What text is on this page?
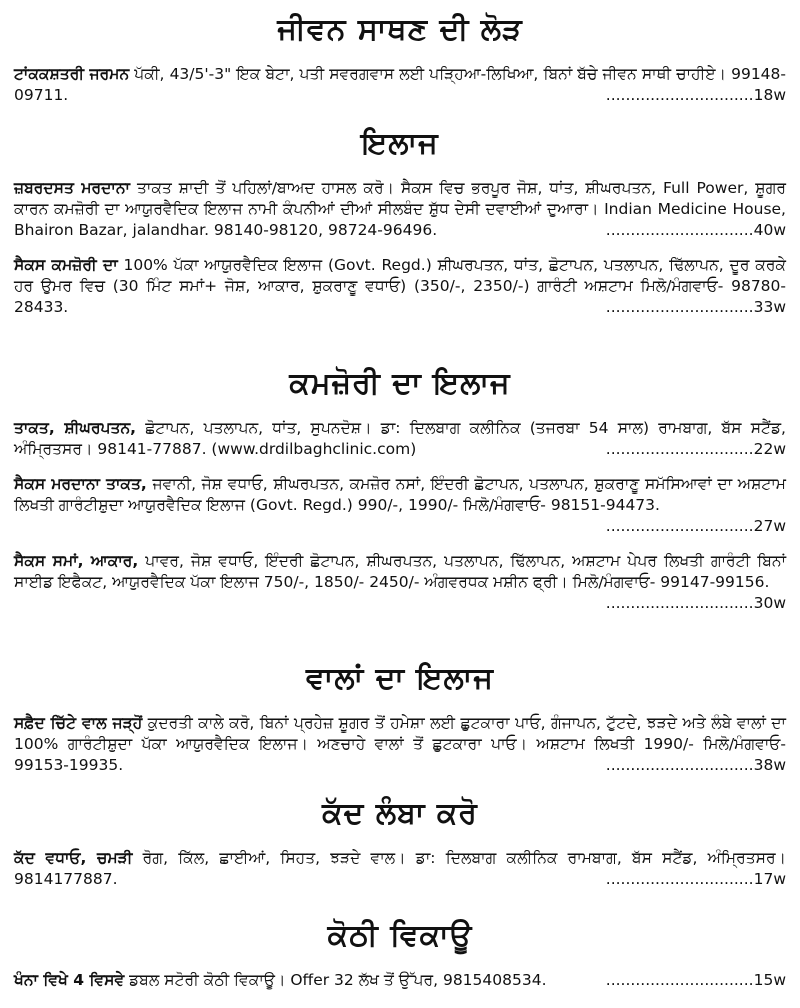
ਜੀਵਨ ਸਾਥਣ ਦੀ ਲੋੜ

ਟਾਂਕਕਸ਼ਤਰੀ ਜਰਮਨ ਪੱਕੀ, 43/5'-3" ਇਕ ਬੇਟਾ, ਪਤੀ ਸਵਰਗਵਾਸ ਲਈ ਪੜ੍ਹਿਆ-ਲਿਖਿਆ, ਬਿਨਾਂ ਬੱਚੇ ਜੀਵਨ ਸਾਥੀ ਚਾਹੀਏ। 99148-09711.	..............................18w

ਇਲਾਜ

ਜ਼ਬਰਦਸਤ ਮਰਦਾਨਾ ਤਾਕਤ ਸ਼ਾਦੀ ਤੋਂ ਪਹਿਲਾਂ/ਬਾਅਦ ਹਾਸਲ ਕਰੋ। ਸੈਕਸ ਵਿਚ ਭਰਪੂਰ ਜੋਸ਼, ਧਾਂਤ, ਸ਼ੀਘਰਪਤਨ, Full Power, ਸ਼ੂਗਰ ਕਾਰਨ ਕਮਜ਼ੋਰੀ ਦਾ ਆਯੁਰਵੈਦਿਕ ਇਲਾਜ ਨਾਮੀ ਕੰਪਨੀਆਂ ਦੀਆਂ ਸੀਲਬੰਦ ਸ਼ੁੱਧ ਦੇਸੀ ਦਵਾਈਆਂ ਦੁਆਰਾ। Indian Medicine House, Bhairon Bazar, jalandhar. 98140-98120, 98724-96496.	..............................40w

ਸੈਕਸ ਕਮਜ਼ੋਰੀ ਦਾ 100% ਪੱਕਾ ਆਯੁਰਵੈਦਿਕ ਇਲਾਜ (Govt. Regd.) ਸ਼ੀਘਰਪਤਨ, ਧਾਂਤ, ਛੋਟਾਪਨ, ਪਤਲਾਪਨ, ਢਿੱਲਾਪਨ, ਦੂਰ ਕਰਕੇ ਹਰ ਉਮਰ ਵਿਚ (30 ਮਿੰਟ ਸਮਾਂ+ ਜੋਸ਼, ਆਕਾਰ, ਸ਼ੁਕਰਾਣੂ ਵਧਾਓ) (350/-, 2350/-) ਗਾਰੰਟੀ ਅਸ਼ਟਾਮ ਮਿਲੋ/ਮੰਗਵਾਓ- 98780-28433.	..............................33w

ਕਮਜ਼ੋਰੀ ਦਾ ਇਲਾਜ

ਤਾਕਤ, ਸ਼ੀਘਰਪਤਨ, ਛੋਟਾਪਨ, ਪਤਲਾਪਨ, ਧਾਂਤ, ਸੁਪਨਦੋਸ਼। ਡਾ: ਦਿਲਬਾਗ ਕਲੀਨਿਕ (ਤਜਰਬਾ 54 ਸਾਲ) ਰਾਮਬਾਗ, ਬੱਸ ਸਟੈਂਡ, ਅੰਮ੍ਰਿਤਸਰ। 98141-77887. (www.drdilbaghclinic.com)	..............................22w

ਸੈਕਸ ਮਰਦਾਨਾ ਤਾਕਤ, ਜਵਾਨੀ, ਜੋਸ਼ ਵਧਾਓ, ਸ਼ੀਘਰਪਤਨ, ਕਮਜ਼ੋਰ ਨਸਾਂ, ਇੰਦਰੀ ਛੋਟਾਪਨ, ਪਤਲਾਪਨ, ਸ਼ੁਕਰਾਣੂ ਸਮੱਸਿਆਵਾਂ ਦਾ ਅਸ਼ਟਾਮ ਲਿਖਤੀ ਗਾਰੰਟੀਸ਼ੁਦਾ ਆਯੁਰਵੈਦਿਕ ਇਲਾਜ (Govt. Regd.) 990/-, 1990/- ਮਿਲੋ/ਮੰਗਵਾਓ- 98151-94473.
..............................27w

ਸੈਕਸ ਸਮਾਂ, ਆਕਾਰ, ਪਾਵਰ, ਜੋਸ਼ ਵਧਾਓ, ਇੰਦਰੀ ਛੋਟਾਪਨ, ਸ਼ੀਘਰਪਤਨ, ਪਤਲਾਪਨ, ਢਿੱਲਾਪਨ, ਅਸ਼ਟਾਮ ਪੇਪਰ ਲਿਖਤੀ ਗਾਰੰਟੀ ਬਿਨਾਂ ਸਾਈਡ ਇਫੈਕਟ, ਆਯੁਰਵੈਦਿਕ ਪੱਕਾ ਇਲਾਜ 750/-, 1850/- 2450/- ਅੰਗਵਰਧਕ ਮਸ਼ੀਨ ਫ੍ਰੀ। ਮਿਲੋ/ਮੰਗਵਾਓ- 99147-99156.
..............................30w

ਵਾਲਾਂ ਦਾ ਇਲਾਜ

ਸਫ਼ੈਦ ਚਿੱਟੇ ਵਾਲ ਜੜ੍ਹੋਂ ਕੁਦਰਤੀ ਕਾਲੇ ਕਰੋ, ਬਿਨਾਂ ਪ੍ਰਹੇਜ਼ ਸ਼ੂਗਰ ਤੋਂ ਹਮੇਸ਼ਾ ਲਈ ਛੁਟਕਾਰਾ ਪਾਓ, ਗੰਜਾਪਨ, ਟੁੱਟਦੇ, ਝੜਦੇ ਅਤੇ ਲੰਬੇ ਵਾਲਾਂ ਦਾ 100% ਗਾਰੰਟੀਸ਼ੁਦਾ ਪੱਕਾ ਆਯੁਰਵੈਦਿਕ ਇਲਾਜ। ਅਣਚਾਹੇ ਵਾਲਾਂ ਤੋਂ ਛੁਟਕਾਰਾ ਪਾਓ। ਅਸ਼ਟਾਮ ਲਿਖਤੀ 1990/- ਮਿਲੋ/ਮੰਗਵਾਓ- 99153-19935.	..............................38w

ਕੱਦ ਲੰਬਾ ਕਰੋ

ਕੱਦ ਵਧਾਓ, ਚਮੜੀ ਰੋਗ, ਕਿੱਲ, ਛਾਈਆਂ, ਸਿਹਤ, ਝੜਦੇ ਵਾਲ। ਡਾ: ਦਿਲਬਾਗ ਕਲੀਨਿਕ ਰਾਮਬਾਗ, ਬੱਸ ਸਟੈਂਡ, ਅੰਮ੍ਰਿਤਸਰ। 9814177887.	..............................17w

ਕੋਠੀ ਵਿਕਾਊ

ਖੰਨਾ ਵਿਖੇ 4 ਵਿਸਵੇ ਡਬਲ ਸਟੋਰੀ ਕੋਠੀ ਵਿਕਾਊ। Offer 32 ਲੱਖ ਤੋਂ ਉੱਪਰ, 9815408534.	..............................15w
